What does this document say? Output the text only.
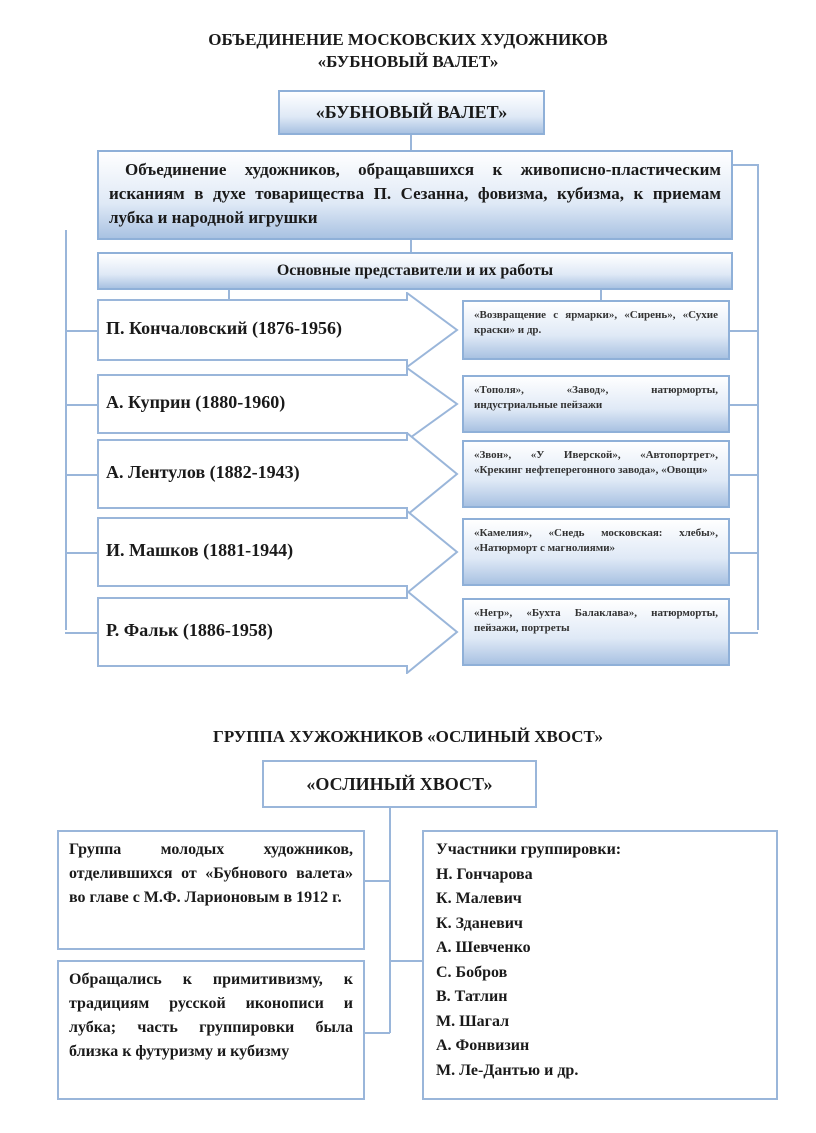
ОБЪЕДИНЕНИЕ МОСКОВСКИХ ХУДОЖНИКОВ
«БУБНОВЫЙ ВАЛЕТ»
«БУБНОВЫЙ ВАЛЕТ»
Объединение художников, обращавшихся к живописно-пластическим исканиям в духе товарищества П. Сезанна, фовизма, кубизма, к приемам лубка и народной игрушки
Основные представители и их работы
П. Кончаловский (1876-1956)
«Возвращение с ярмарки», «Сирень», «Сухие краски» и др.
А. Куприн (1880-1960)
«Тополя», «Завод», натюрморты, индустриальные пейзажи
А. Лентулов (1882-1943)
«Звон», «У Иверской», «Автопортрет», «Крекинг нефтеперегонного завода», «Овощи»
И. Машков (1881-1944)
«Камелия», «Снедь московская: хлебы», «Натюрморт с магнолиями»
Р. Фальк (1886-1958)
«Негр», «Бухта Балаклава», натюрморты, пейзажи, портреты
ГРУППА ХУЖОЖНИКОВ «ОСЛИНЫЙ ХВОСТ»
«ОСЛИНЫЙ ХВОСТ»
Группа молодых художников, отделившихся от «Бубнового валета» во главе с М.Ф. Ларионовым в 1912 г.
Обращались к примитивизму, к традициям русской иконописи и лубка; часть группировки была близка к футуризму и кубизму
Участники группировки:
Н. Гончарова
К. Малевич
К. Зданевич
А. Шевченко
С. Бобров
В. Татлин
М. Шагал
А. Фонвизин
М. Ле-Дантью и др.
